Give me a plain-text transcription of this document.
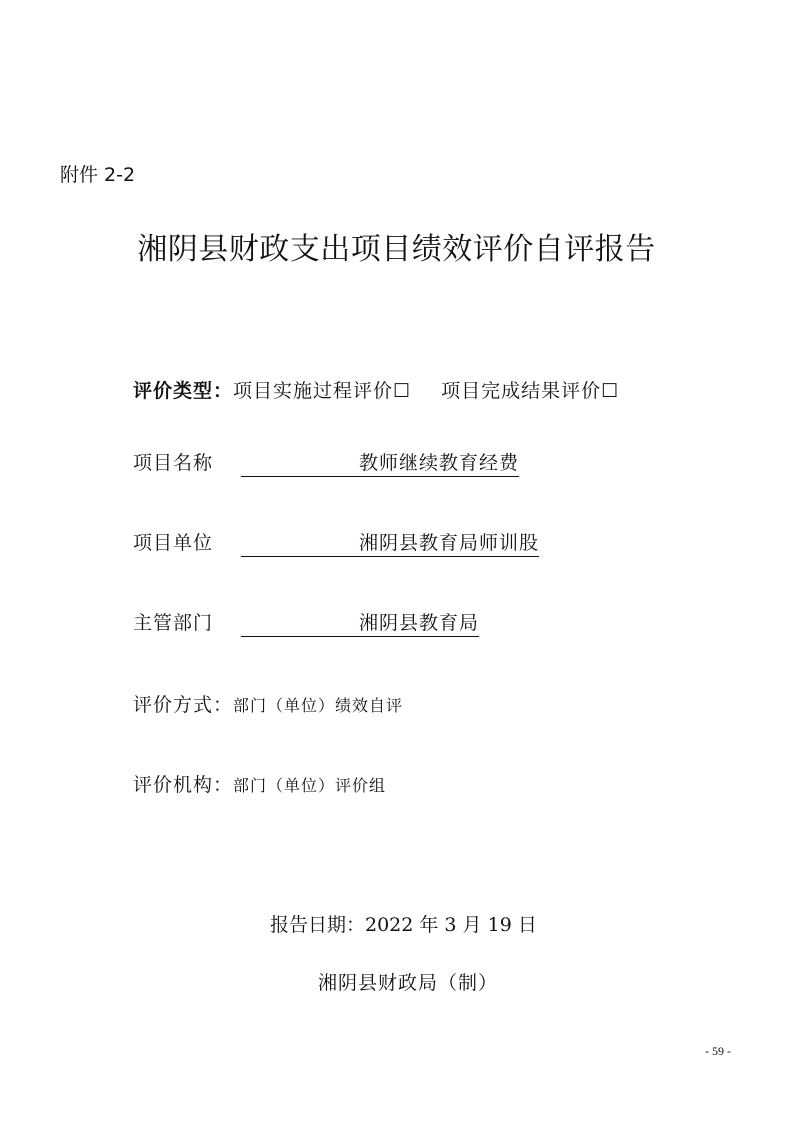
附件 2-2
湘阴县财政支出项目绩效评价自评报告
评价类型：项目实施过程评价☐ 项目完成结果评价☐
项目名称	教师继续教育经费
项目单位	湘阴县教育局师训股
主管部门	湘阴县教育局
评价方式：部门（单位）绩效自评
评价机构：部门（单位）评价组
报告日期：2022 年 3 月 19 日
湘阴县财政局（制）
- 59 -
